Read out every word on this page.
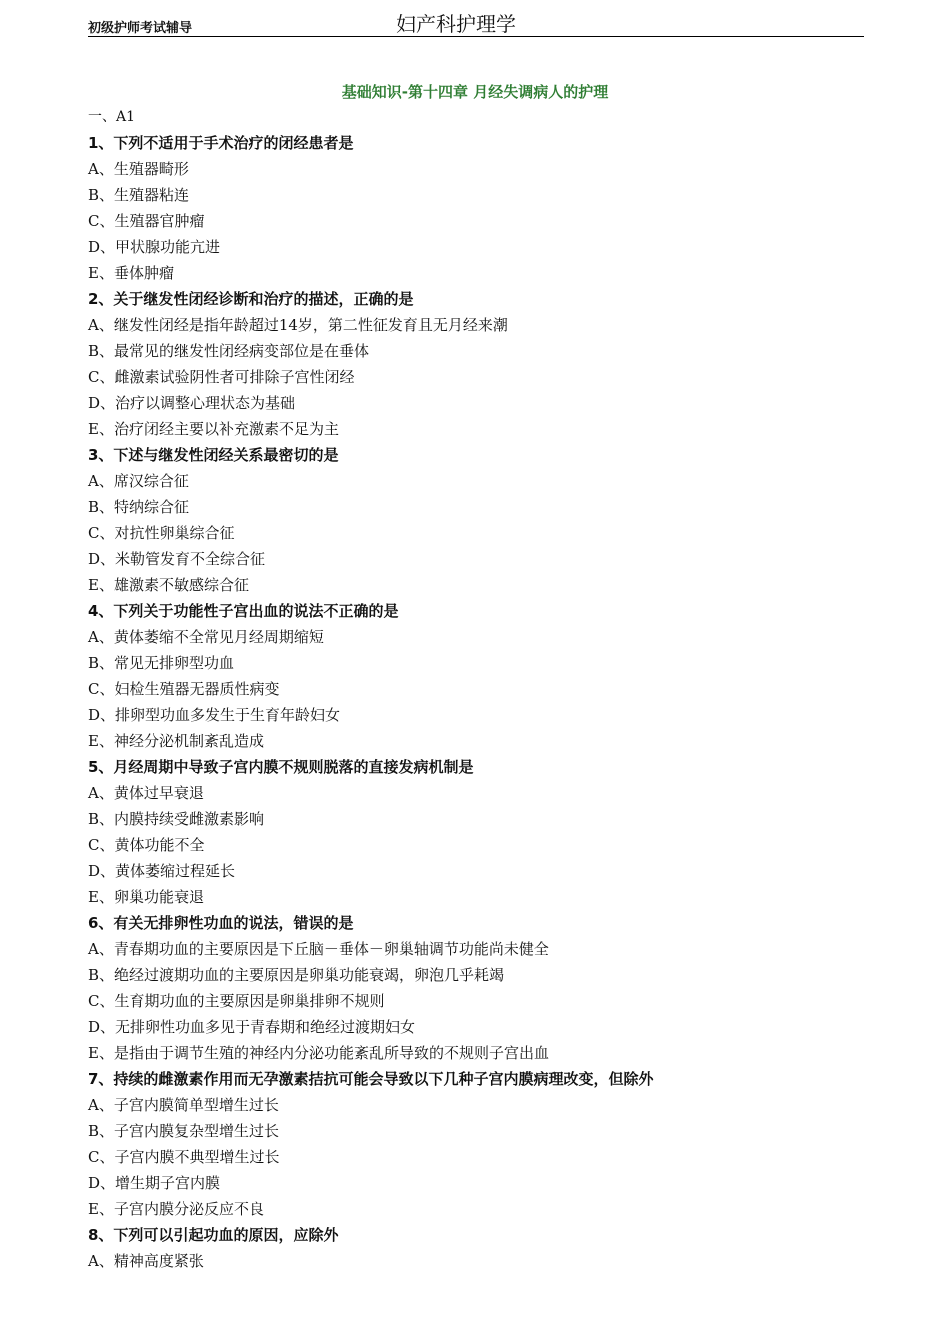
初级护师考试辅导	妇产科护理学
基础知识-第十四章 月经失调病人的护理
一、A1
1、下列不适用于手术治疗的闭经患者是
A、生殖器畸形
B、生殖器粘连
C、生殖器官肿瘤
D、甲状腺功能亢进
E、垂体肿瘤
2、关于继发性闭经诊断和治疗的描述，正确的是
A、继发性闭经是指年龄超过14岁，第二性征发育且无月经来潮
B、最常见的继发性闭经病变部位是在垂体
C、雌激素试验阴性者可排除子宫性闭经
D、治疗以调整心理状态为基础
E、治疗闭经主要以补充激素不足为主
3、下述与继发性闭经关系最密切的是
A、席汉综合征
B、特纳综合征
C、对抗性卵巢综合征
D、米勒管发育不全综合征
E、雄激素不敏感综合征
4、下列关于功能性子宫出血的说法不正确的是
A、黄体萎缩不全常见月经周期缩短
B、常见无排卵型功血
C、妇检生殖器无器质性病变
D、排卵型功血多发生于生育年龄妇女
E、神经分泌机制紊乱造成
5、月经周期中导致子宫内膜不规则脱落的直接发病机制是
A、黄体过早衰退
B、内膜持续受雌激素影响
C、黄体功能不全
D、黄体萎缩过程延长
E、卵巢功能衰退
6、有关无排卵性功血的说法，错误的是
A、青春期功血的主要原因是下丘脑－垂体－卵巢轴调节功能尚未健全
B、绝经过渡期功血的主要原因是卵巢功能衰竭，卵泡几乎耗竭
C、生育期功血的主要原因是卵巢排卵不规则
D、无排卵性功血多见于青春期和绝经过渡期妇女
E、是指由于调节生殖的神经内分泌功能紊乱所导致的不规则子宫出血
7、持续的雌激素作用而无孕激素拮抗可能会导致以下几种子宫内膜病理改变，但除外
A、子宫内膜简单型增生过长
B、子宫内膜复杂型增生过长
C、子宫内膜不典型增生过长
D、增生期子宫内膜
E、子宫内膜分泌反应不良
8、下列可以引起功血的原因，应除外
A、精神高度紧张
